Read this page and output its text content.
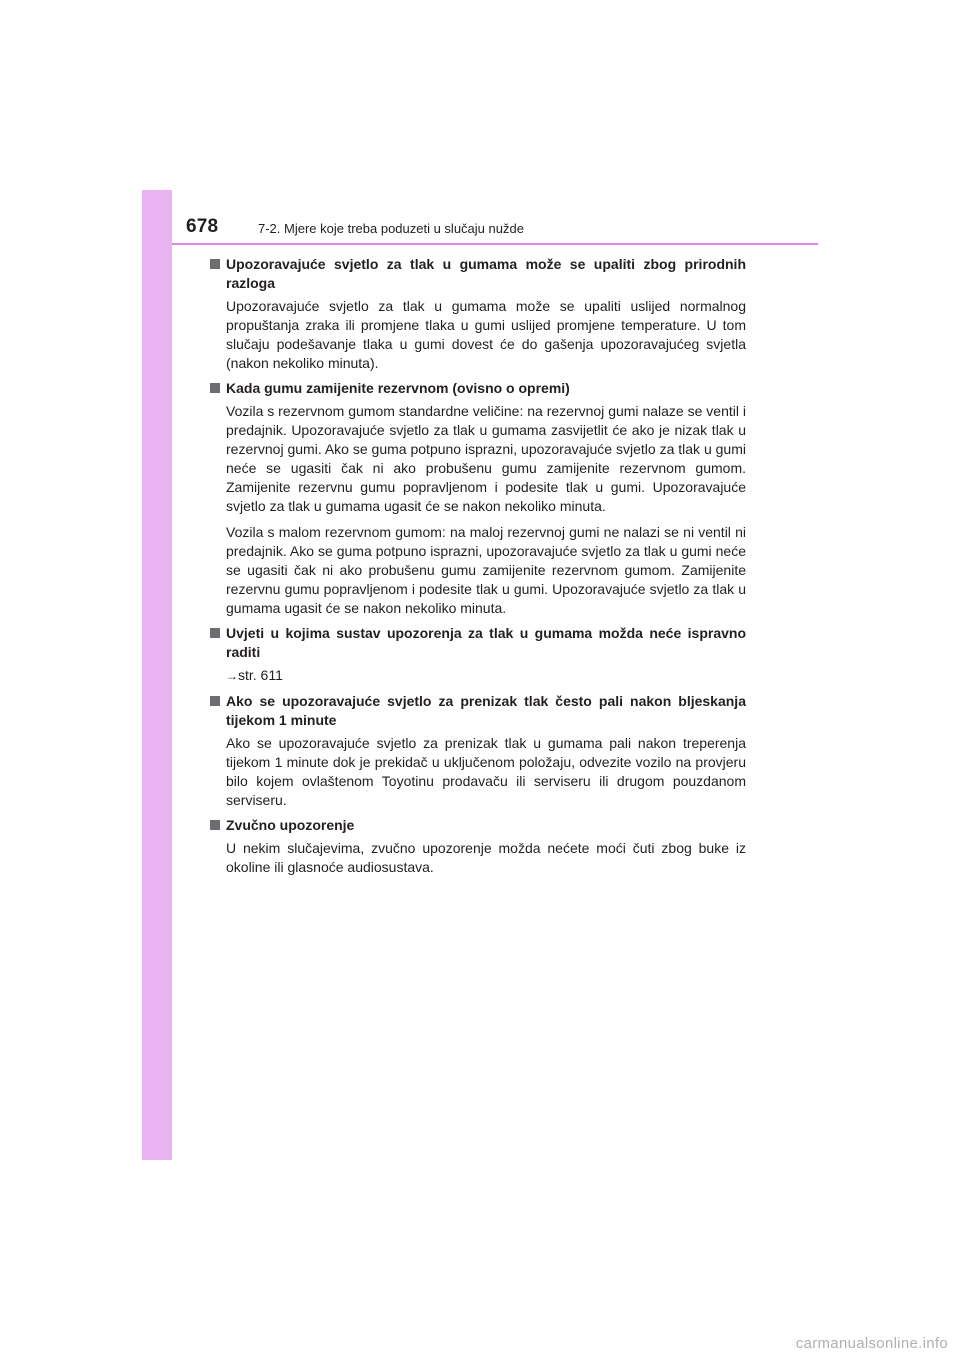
678	7-2. Mjere koje treba poduzeti u slučaju nužde
Upozoravajuće svjetlo za tlak u gumama može se upaliti zbog prirodnih razloga

Upozoravajuće svjetlo za tlak u gumama može se upaliti uslijed normalnog propuštanja zraka ili promjene tlaka u gumi uslijed promjene temperature. U tom slučaju podešavanje tlaka u gumi dovest će do gašenja upozoravajućeg svjetla (nakon nekoliko minuta).

Kada gumu zamijenite rezervnom (ovisno o opremi)

Vozila s rezervnom gumom standardne veličine: na rezervnoj gumi nalaze se ventil i predajnik. Upozoravajuće svjetlo za tlak u gumama zasvijetlit će ako je nizak tlak u rezervnoj gumi. Ako se guma potpuno isprazni, upozoravajuće svjetlo za tlak u gumi neće se ugasiti čak ni ako probušenu gumu zamijenite rezervnom gumom. Zamijenite rezervnu gumu popravljenom i podesite tlak u gumi. Upozoravajuće svjetlo za tlak u gumama ugasit će se nakon nekoliko minuta.

Vozila s malom rezervnom gumom: na maloj rezervnoj gumi ne nalazi se ni ventil ni predajnik. Ako se guma potpuno isprazni, upozoravajuće svjetlo za tlak u gumi neće se ugasiti čak ni ako probušenu gumu zamijenite rezervnom gumom. Zamijenite rezervnu gumu popravljenom i podesite tlak u gumi. Upozoravajuće svjetlo za tlak u gumama ugasit će se nakon nekoliko minuta.

Uvjeti u kojima sustav upozorenja za tlak u gumama možda neće ispravno raditi
→str. 611
Ako se upozoravajuće svjetlo za prenizak tlak često pali nakon bljeskanja tijekom 1 minute

Ako se upozoravajuće svjetlo za prenizak tlak u gumama pali nakon treperenja tijekom 1 minute dok je prekidač u uključenom položaju, odvezite vozilo na provjeru bilo kojem ovlaštenom Toyotinu prodavaču ili serviseru ili drugom pouzdanom serviseru.

Zvučno upozorenje

U nekim slučajevima, zvučno upozorenje možda nećete moći čuti zbog buke iz okoline ili glasnoće audiosustava.

carmanualsonline.info
